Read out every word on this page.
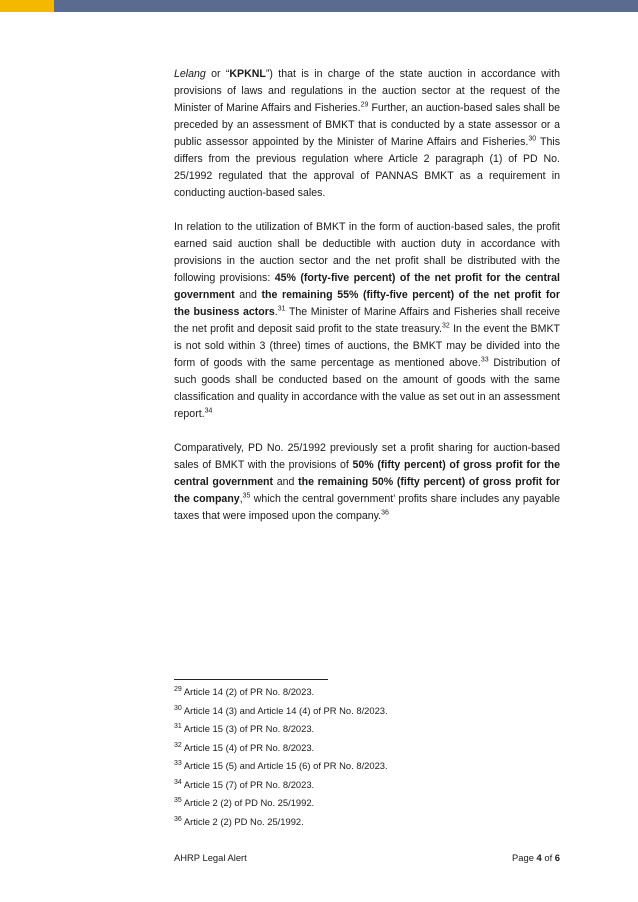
Lelang or “KPKNL”) that is in charge of the state auction in accordance with provisions of laws and regulations in the auction sector at the request of the Minister of Marine Affairs and Fisheries.$^{29}$ Further, an auction-based sales shall be preceded by an assessment of BMKT that is conducted by a state assessor or a public assessor appointed by the Minister of Marine Affairs and Fisheries.$^{30}$ This differs from the previous regulation where Article 2 paragraph (1) of PD No. 25/1992 regulated that the approval of PANNAS BMKT as a requirement in conducting auction-based sales.

In relation to the utilization of BMKT in the form of auction-based sales, the profit earned said auction shall be deductible with auction duty in accordance with provisions in the auction sector and the net profit shall be distributed with the following provisions: 45% (forty-five percent) of the net profit for the central government and the remaining 55% (fifty-five percent) of the net profit for the business actors.$^{31}$ The Minister of Marine Affairs and Fisheries shall receive the net profit and deposit said profit to the state treasury.$^{32}$ In the event the BMKT is not sold within 3 (three) times of auctions, the BMKT may be divided into the form of goods with the same percentage as mentioned above.$^{33}$ Distribution of such goods shall be conducted based on the amount of goods with the same classification and quality in accordance with the value as set out in an assessment report.$^{34}$

Comparatively, PD No. 25/1992 previously set a profit sharing for auction-based sales of BMKT with the provisions of 50% (fifty percent) of gross profit for the central government and the remaining 50% (fifty percent) of gross profit for the company,$^{35}$ which the central government’ profits share includes any payable taxes that were imposed upon the company.$^{36}$

$^{29}$ Article 14 (2) of PR No. 8/2023.
$^{30}$ Article 14 (3) and Article 14 (4) of PR No. 8/2023.
$^{31}$ Article 15 (3) of PR No. 8/2023.
$^{32}$ Article 15 (4) of PR No. 8/2023.
$^{33}$ Article 15 (5) and Article 15 (6) of PR No. 8/2023.
$^{34}$ Article 15 (7) of PR No. 8/2023.
$^{35}$ Article 2 (2) of PD No. 25/1992.
$^{36}$ Article 2 (2) PD No. 25/1992.
AHRP Legal Alert	Page 4 of 6
